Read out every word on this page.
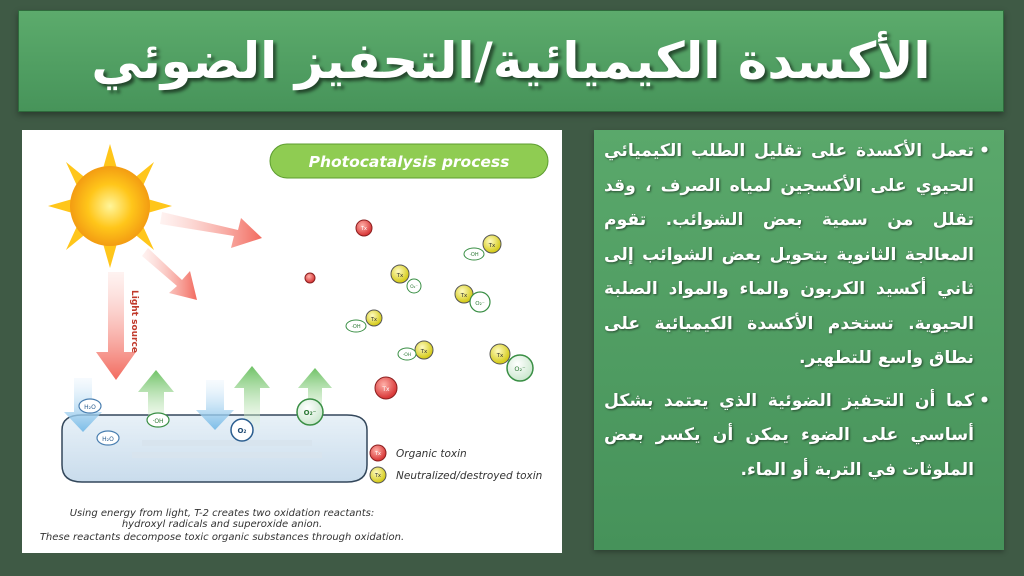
الأكسدة الكيميائية/التحفيز الضوئي
Photocatalysis process
Light source
H₂O
H₂O
·OH
O₂
O₂⁻
Tx
Tx
·OH
Tx
O₂⁻
Tx
O₂⁻
Tx
·OH
Tx
·OH	Tx
O₂⁻
Tx
Tx Organic toxin
Tx Neutralized/destroyed toxin
Using energy from light, T-2 creates two oxidation reactants:
hydroxyl radicals and superoxide anion.
These reactants decompose toxic organic substances through oxidation.
• تعمل الأكسدة على تقليل الطلب الكيميائي الحيوي على الأكسجين لمياه الصرف ، وقد تقلل من سمية بعض الشوائب. تقوم المعالجة الثانوية بتحويل بعض الشوائب إلى ثاني أكسيد الكربون والماء والمواد الصلبة الحيوية. تستخدم الأكسدة الكيميائية على نطاق واسع للتطهير.
• كما أن التحفيز الضوئية الذي يعتمد بشكل أساسي على الضوء يمكن أن يكسر بعض الملوثات في التربة أو الماء.
